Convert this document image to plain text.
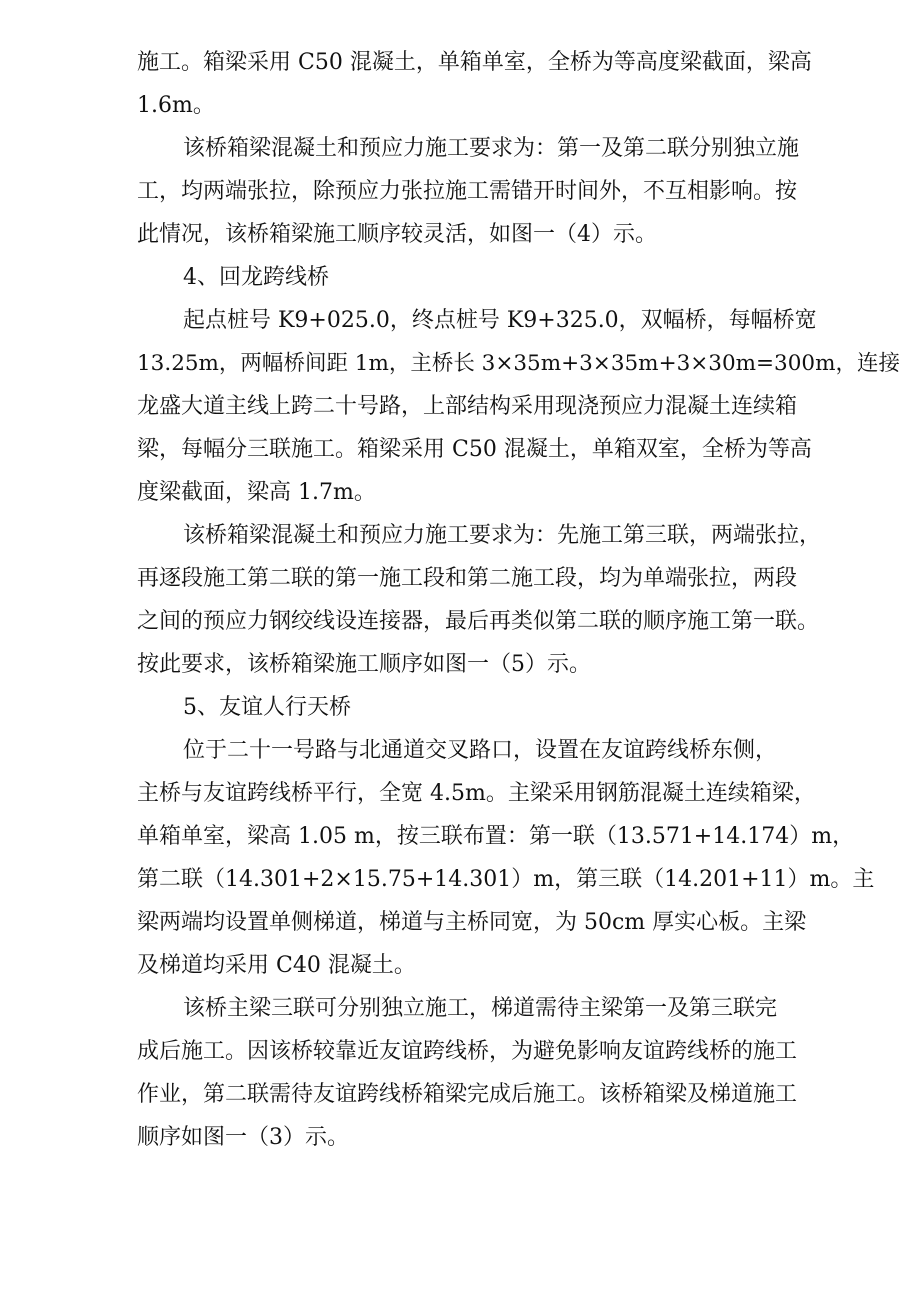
施工。箱梁采用 C50 混凝土，单箱单室，全桥为等高度梁截面，梁高
1.6m。
该桥箱梁混凝土和预应力施工要求为：第一及第二联分别独立施
工，均两端张拉，除预应力张拉施工需错开时间外，不互相影响。按
此情况，该桥箱梁施工顺序较灵活，如图一（4）示。
4、回龙跨线桥
起点桩号 K9+025.0，终点桩号 K9+325.0，双幅桥，每幅桥宽
13.25m，两幅桥间距 1m，主桥长 3×35m+3×35m+3×30m=300m，连接
龙盛大道主线上跨二十号路，上部结构采用现浇预应力混凝土连续箱
梁，每幅分三联施工。箱梁采用 C50 混凝土，单箱双室，全桥为等高
度梁截面，梁高 1.7m。
该桥箱梁混凝土和预应力施工要求为：先施工第三联，两端张拉，
再逐段施工第二联的第一施工段和第二施工段，均为单端张拉，两段
之间的预应力钢绞线设连接器，最后再类似第二联的顺序施工第一联。
按此要求，该桥箱梁施工顺序如图一（5）示。
5、友谊人行天桥
位于二十一号路与北通道交叉路口，设置在友谊跨线桥东侧，
主桥与友谊跨线桥平行，全宽 4.5m。主梁采用钢筋混凝土连续箱梁，
单箱单室，梁高 1.05 m，按三联布置：第一联（13.571+14.174）m，
第二联（14.301+2×15.75+14.301）m，第三联（14.201+11）m。主
梁两端均设置单侧梯道，梯道与主桥同宽，为 50cm 厚实心板。主梁
及梯道均采用 C40 混凝土。
该桥主梁三联可分别独立施工，梯道需待主梁第一及第三联完
成后施工。因该桥较靠近友谊跨线桥，为避免影响友谊跨线桥的施工
作业，第二联需待友谊跨线桥箱梁完成后施工。该桥箱梁及梯道施工
顺序如图一（3）示。
